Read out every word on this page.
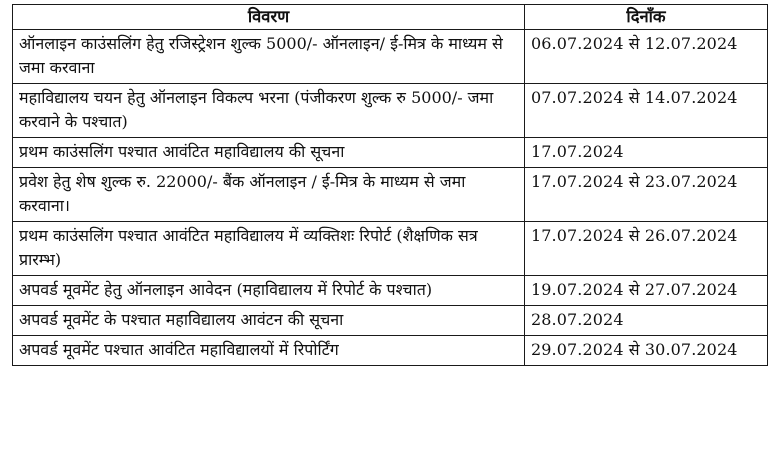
विवरण	दिनाँक
ऑनलाइन काउंसलिंग हेतु रजिस्ट्रेशन शुल्क 5000/- ऑनलाइन/ ई-मित्र के माध्यम से जमा करवाना	06.07.2024 से 12.07.2024
महाविद्यालय चयन हेतु ऑनलाइन विकल्प भरना (पंजीकरण शुल्क रु 5000/- जमा करवाने के पश्चात)	07.07.2024 से 14.07.2024
प्रथम काउंसलिंग पश्चात आवंटित महाविद्यालय की सूचना	17.07.2024
प्रवेश हेतु शेष शुल्क रु. 22000/- बैंक ऑनलाइन / ई-मित्र के माध्यम से जमा करवाना।	17.07.2024 से 23.07.2024
प्रथम काउंसलिंग पश्चात आवंटित महाविद्यालय में व्यक्तिशः रिपोर्ट (शैक्षणिक सत्र प्रारम्भ)	17.07.2024 से 26.07.2024
अपवर्ड मूवमेंट हेतु ऑनलाइन आवेदन (महाविद्यालय में रिपोर्ट के पश्चात)	19.07.2024 से 27.07.2024
अपवर्ड मूवमेंट के पश्चात महाविद्यालय आवंटन की सूचना	28.07.2024
अपवर्ड मूवमेंट पश्चात आवंटित महाविद्यालयों में रिपोर्टिंग	29.07.2024 से 30.07.2024
